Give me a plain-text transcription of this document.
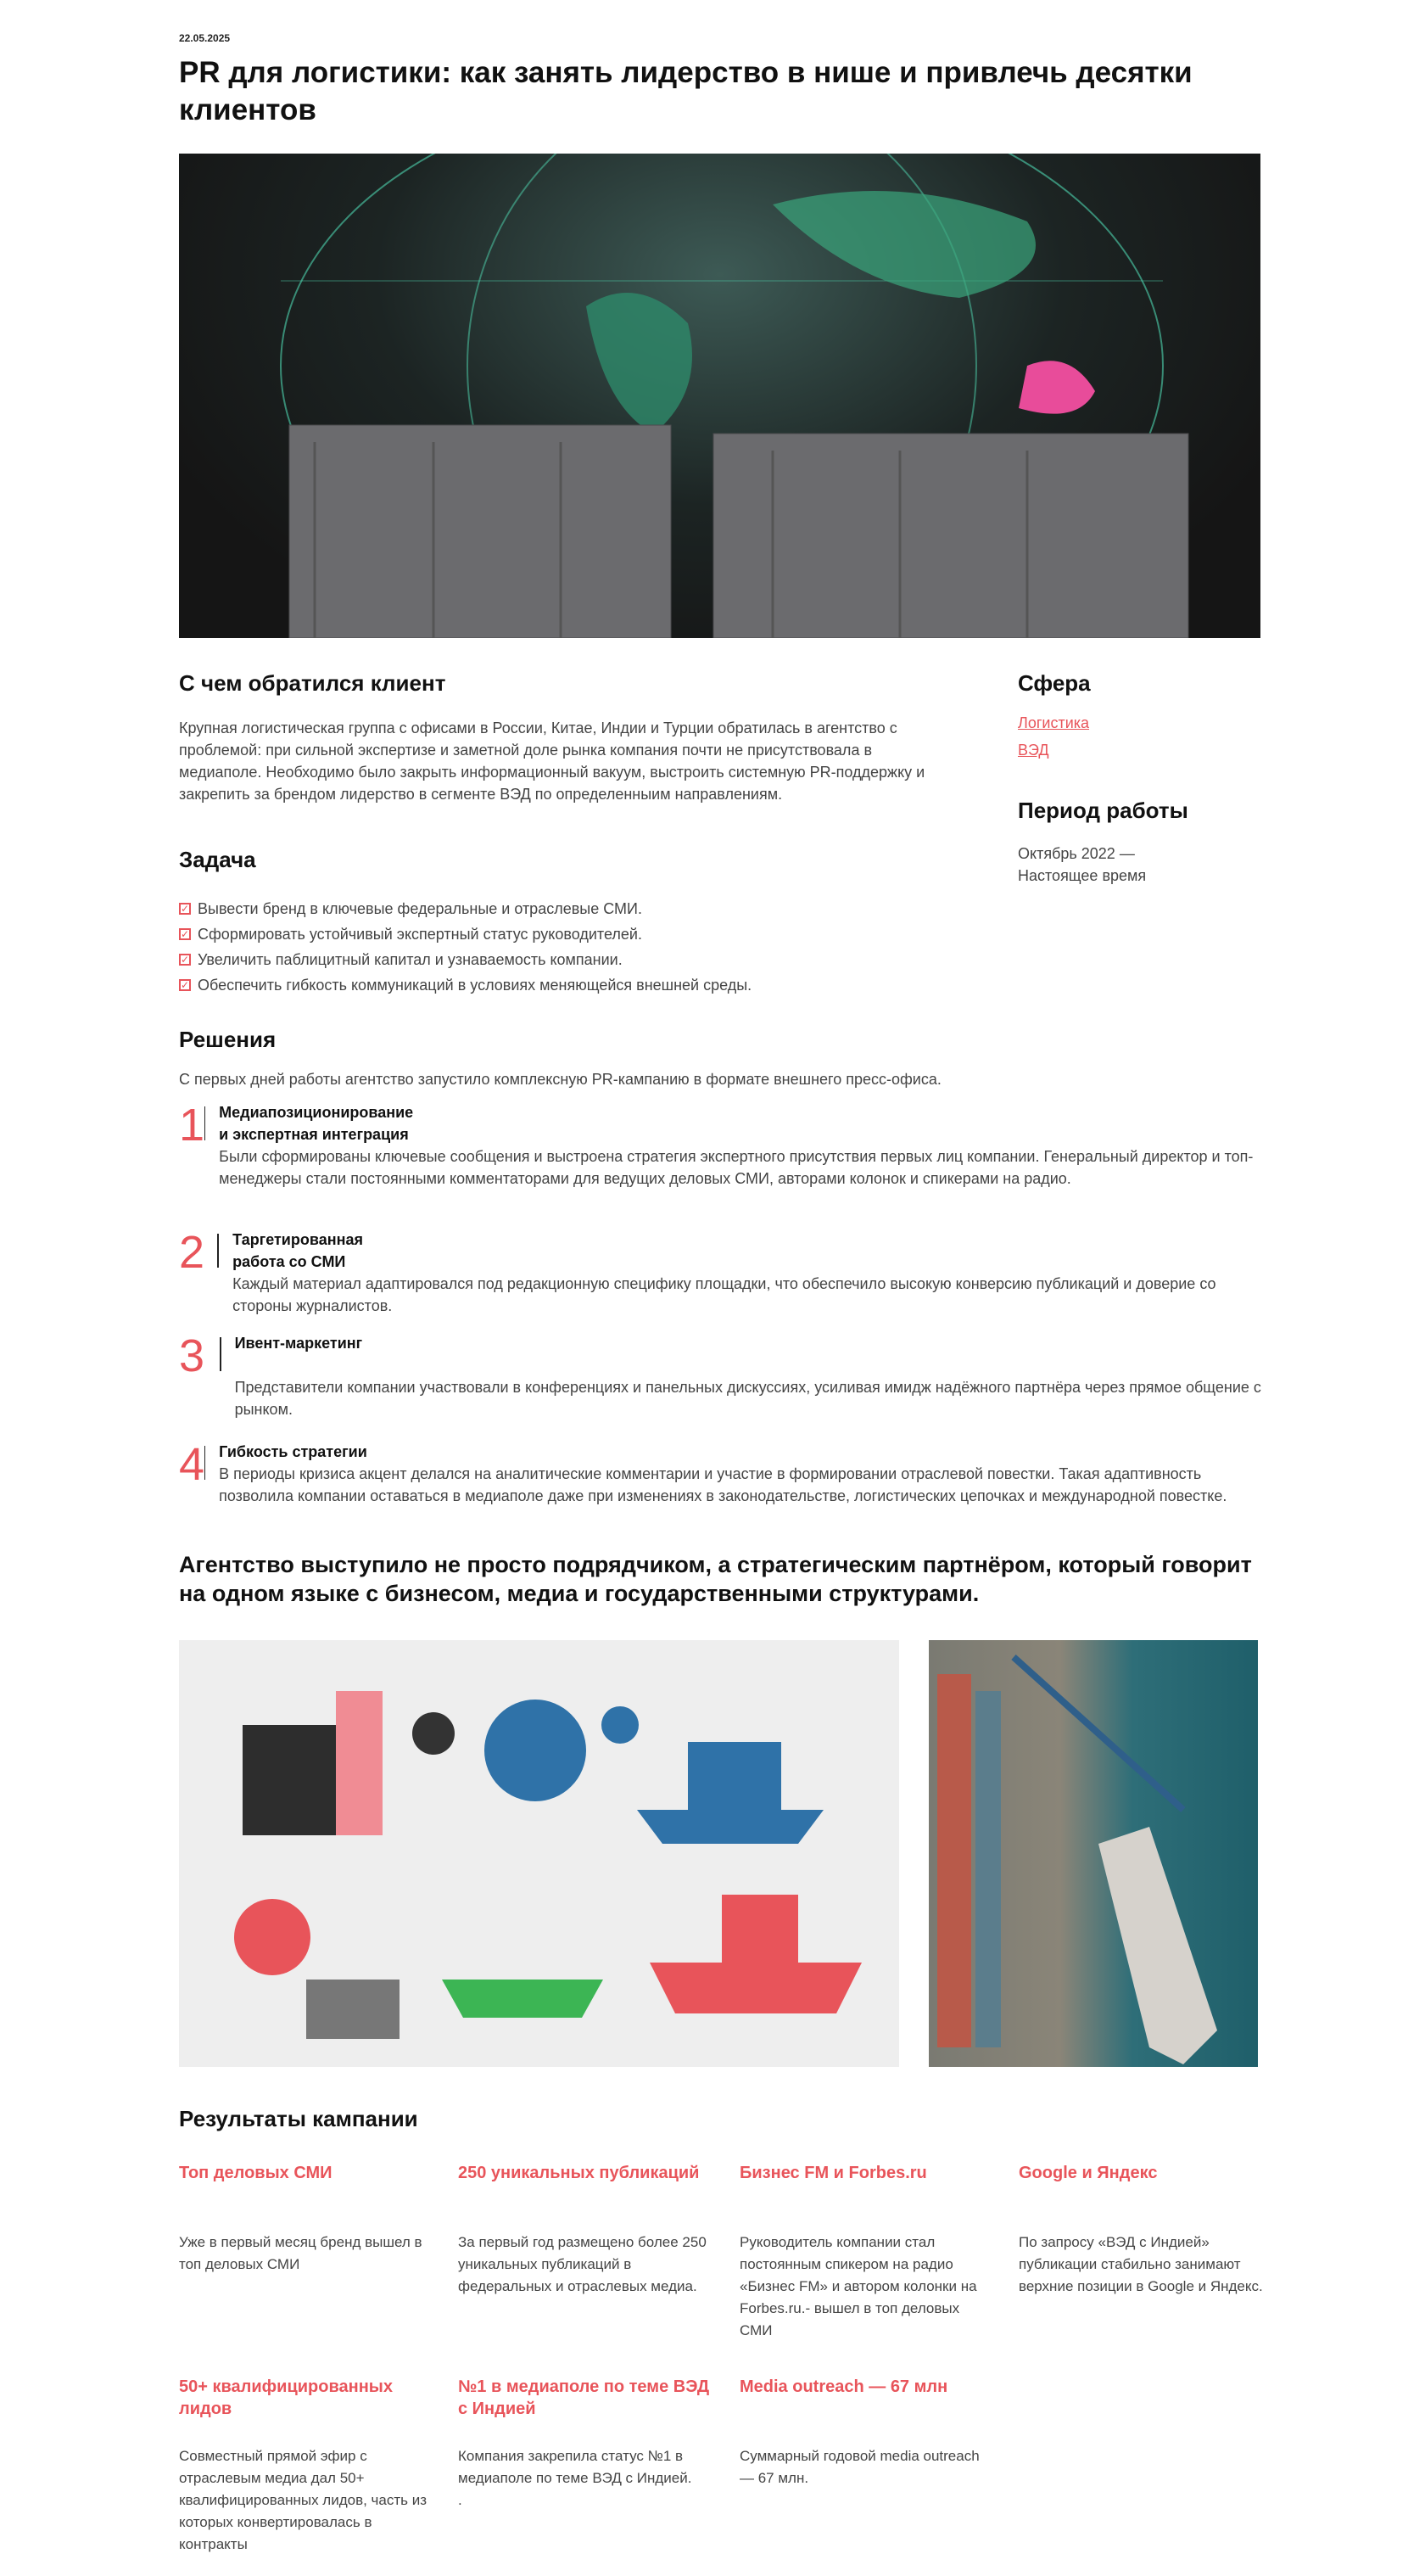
22.05.2025
PR для логистики: как занять лидерство в нише и привлечь десятки клиентов
С чем обратился клиент

Крупная логистическая группа с офисами в России, Китае, Индии и Турции обратилась в агентство с проблемой: при сильной экспертизе и заметной доле рынка компания почти не присутствовала в медиаполе. Необходимо было закрыть информационный вакуум, выстроить системную PR-поддержку и закрепить за брендом лидерство в сегменте ВЭД по определенныим направлениям.

Сфера
Логистика
ВЭД
Период работы

Октябрь 2022 — Настоящее время

Задача
✓ Вывести бренд в ключевые федеральные и отраслевые СМИ.
✓ Сформировать устойчивый экспертный статус руководителей.
✓ Увеличить паблицитный капитал и узнаваемость компании.
✓ Обеспечить гибкость коммуникаций в условиях меняющейся внешней среды.
Решения

С первых дней работы агентство запустило комплексную PR-кампанию в формате внешнего пресс-офиса.

1 Медиапозиционирование
и экспертная интеграция

Были сформированы ключевые сообщения и выстроена стратегия экспертного присутствия первых лиц компании. Генеральный директор и топ-менеджеры стали постоянными комментаторами для ведущих деловых СМИ, авторами колонок и спикерами на радио.

2	Таргетированная
работа со СМИ

Каждый материал адаптировался под редакционную специфику площадки, что обеспечило высокую конверсию публикаций и доверие со стороны журналистов.

3	Ивент-маркетинг

Представители компании участвовали в конференциях и панельных дискуссиях, усиливая имидж надёжного партнёра через прямое общение с рынком.

4 Гибкость стратегии

В периоды кризиса акцент делался на аналитические комментарии и участие в формировании отраслевой повестки. Такая адаптивность позволила компании оставаться в медиаполе даже при изменениях в законодательстве, логистических цепочках и международной повестке.

Агентство выступило не просто подрядчиком, а стратегическим партнёром, который говорит на одном языке с бизнесом, медиа и государственными структурами.
Результаты кампании
Топ деловых СМИ

Уже в первый месяц бренд вышел в топ деловых СМИ

250 уникальных публикаций

За первый год размещено более 250 уникальных публикаций в федеральных и отраслевых медиа.

Бизнес FM и Forbes.ru

Руководитель компании стал постоянным спикером на радио «Бизнес FM» и автором колонки на Forbes.ru.- вышел в топ деловых СМИ

Google и Яндекс

По запросу «ВЭД с Индией» публикации стабильно занимают верхние позиции в Google и Яндекс.

50+ квалифицированных лидов

Совместный прямой эфир с отраслевым медиа дал 50+ квалифицированных лидов, часть из которых конвертировалась в контракты

№1 в медиаполе по теме ВЭД с Индией

Компания закрепила статус №1 в медиаполе по теме ВЭД с Индией.
.

Media outreach — 67 млн

Суммарный годовой media outreach — 67 млн.
